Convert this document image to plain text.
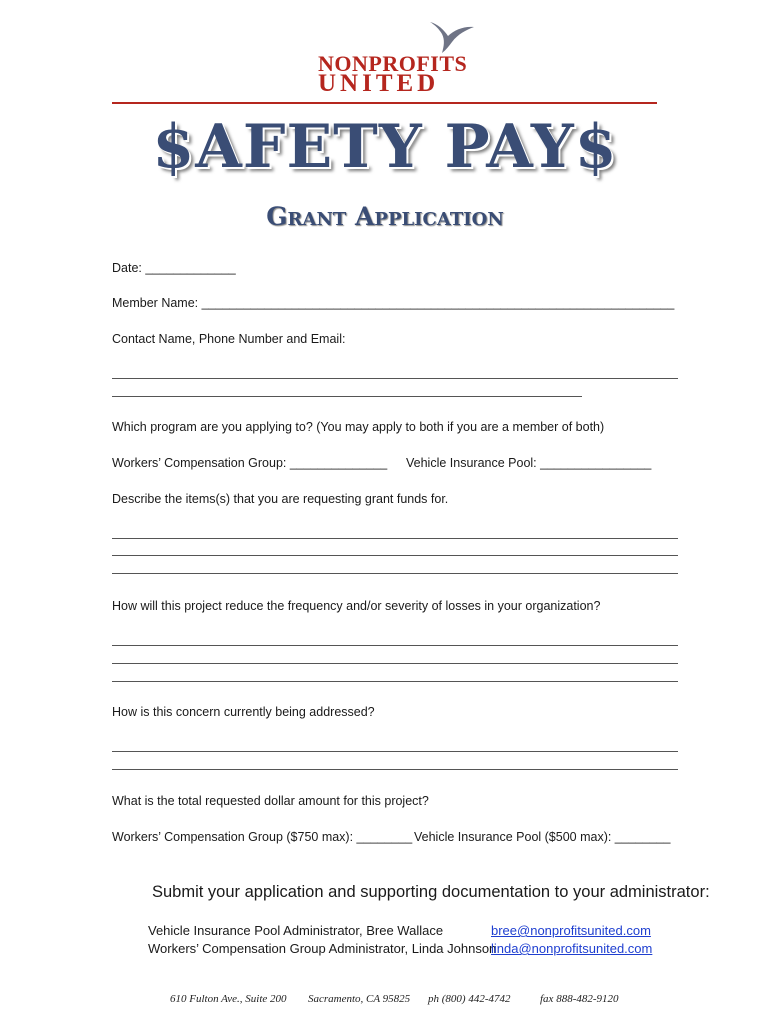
NONPROFITS
UNITED
$AFETY PAY$
Grant Application
Date: _____________
Member Name: ____________________________________________________________________
Contact Name, Phone Number and Email:
Which program are you applying to? (You may apply to both if you are a member of both)
Workers’ Compensation Group: ______________ Vehicle Insurance Pool: ________________
Describe the items(s) that you are requesting grant funds for.
How will this project reduce the frequency and/or severity of losses in your organization?
How is this concern currently being addressed?
What is the total requested dollar amount for this project?
Workers’ Compensation Group ($750 max): ________ Vehicle Insurance Pool ($500 max): ________
Submit your application and supporting documentation to your administrator:
Vehicle Insurance Pool Administrator, Bree Wallace	bree@nonprofitsunited.com
Workers’ Compensation Group Administrator, Linda Johnson
linda@nonprofitsunited.com
610 Fulton Ave., Suite 200 Sacramento, CA 95825 ph (800) 442-4742	fax 888-482-9120
